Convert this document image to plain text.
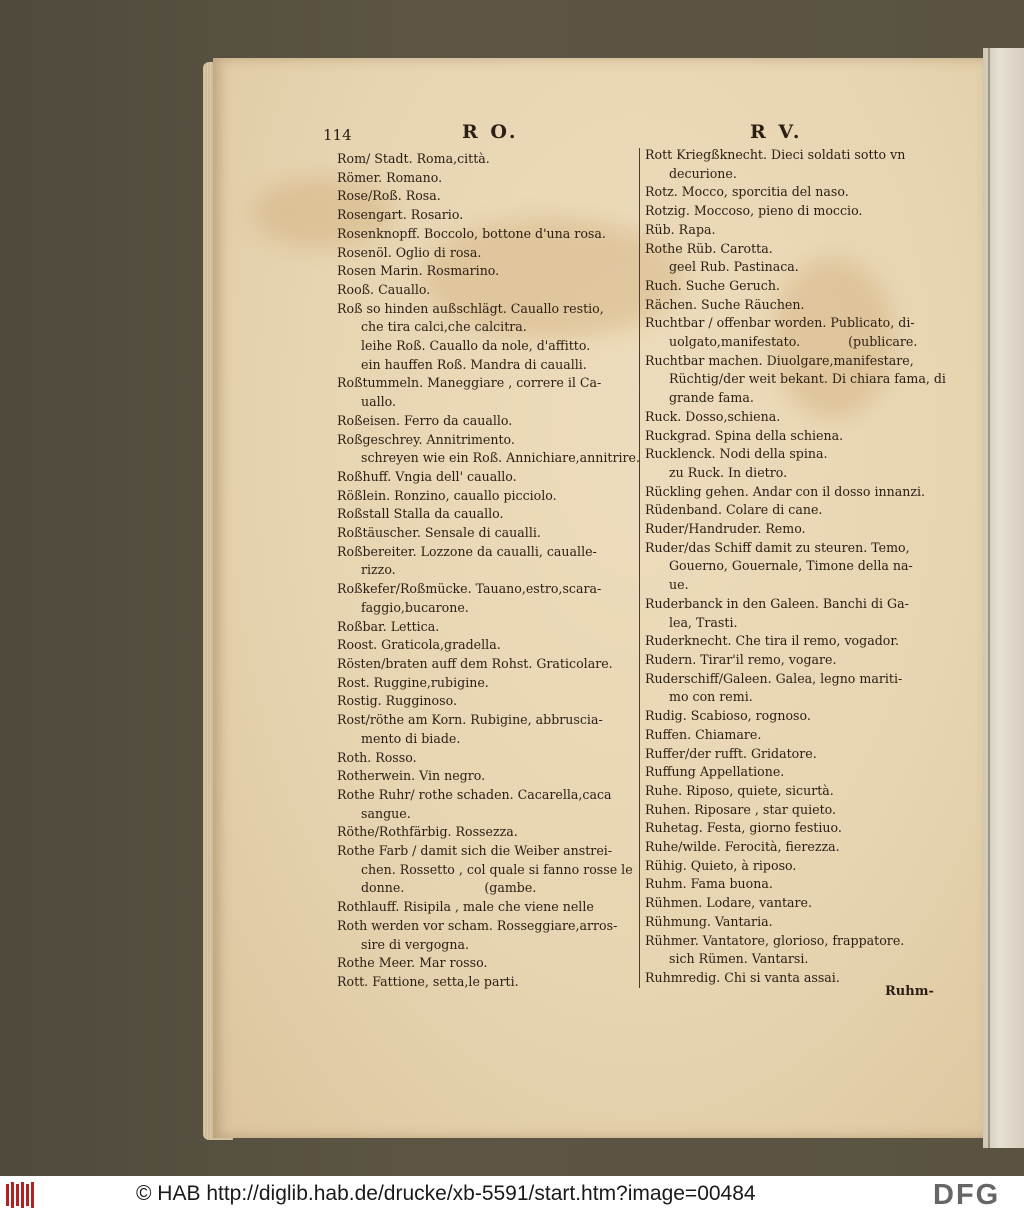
114	R O.	R V.

Rom/ Stadt. Roma,città.

Römer. Romano.

Rose/Roß. Rosa.

Rosengart. Rosario.

Rosenknopff. Boccolo, bottone d'una rosa.

Rosenöl. Oglio di rosa.

Rosen Marin. Rosmarino.

Rooß. Cauallo.

Roß so hinden außschlägt. Cauallo restio,

che tira calci,che calcitra.

leihe Roß. Cauallo da nole, d'affitto.

ein hauffen Roß. Mandra di caualli.

Roßtummeln. Maneggiare , correre il Ca-

uallo.

Roßeisen. Ferro da cauallo.

Roßgeschrey. Annitrimento.

schreyen wie ein Roß. Annichiare,annitrire.

Roßhuff. Vngia dell' cauallo.

Rößlein. Ronzino, cauallo picciolo.

Roßstall Stalla da cauallo.

Roßtäuscher. Sensale di caualli.

Roßbereiter. Lozzone da caualli, caualle-

rizzo.

Roßkefer/Roßmücke. Tauano,estro,scara-

faggio,bucarone.

Roßbar. Lettica.

Roost. Graticola,gradella.

Rösten/braten auff dem Rohst. Graticolare.

Rost. Ruggine,rubigine.

Rostig. Rugginoso.

Rost/röthe am Korn. Rubigine, abbruscia-

mento di biade.

Roth. Rosso.

Rotherwein. Vin negro.

Rothe Ruhr/ rothe schaden. Cacarella,caca

sangue.

Röthe/Rothfärbig. Rossezza.

Rothe Farb / damit sich die Weiber anstrei-

chen. Rossetto , col quale si fanno rosse le

donne.                    (gambe.

Rothlauff. Risipila , male che viene nelle

Roth werden vor scham. Rosseggiare,arros-

sire di vergogna.

Rothe Meer. Mar rosso.

Rott. Fattione, setta,le parti.

Rott Kriegßknecht. Dieci soldati sotto vn

decurione.

Rotz. Mocco, sporcitia del naso.

Rotzig. Moccoso, pieno di moccio.

Rüb. Rapa.

Rothe Rüb. Carotta.

geel Rub. Pastinaca.

Ruch. Suche Geruch.

Rächen. Suche Räuchen.

Ruchtbar / offenbar worden. Publicato, di-

uolgato,manifestato.            (publicare.

Ruchtbar machen. Diuolgare,manifestare,

Rüchtig/der weit bekant. Di chiara fama, di

grande fama.

Ruck. Dosso,schiena.

Ruckgrad. Spina della schiena.

Rucklenck. Nodi della spina.

zu Ruck. In dietro.

Rückling gehen. Andar con il dosso innanzi.

Rüdenband. Colare di cane.

Ruder/Handruder. Remo.

Ruder/das Schiff damit zu steuren. Temo,

Gouerno, Gouernale, Timone della na-

ue.

Ruderbanck in den Galeen. Banchi di Ga-

lea, Trasti.

Ruderknecht. Che tira il remo, vogador.

Rudern. Tirar'il remo, vogare.

Ruderschiff/Galeen. Galea, legno mariti-

mo con remi.

Rudig. Scabioso, rognoso.

Ruffen. Chiamare.

Ruffer/der rufft. Gridatore.

Ruffung Appellatione.

Ruhe. Riposo, quiete, sicurtà.

Ruhen. Riposare , star quieto.

Ruhetag. Festa, giorno festiuo.

Ruhe/wilde. Ferocità, fierezza.

Rühig. Quieto, à riposo.

Ruhm. Fama buona.

Rühmen. Lodare, vantare.

Rühmung. Vantaria.

Rühmer. Vantatore, glorioso, frappatore.

sich Rümen. Vantarsi.

Ruhmredig. Chi si vanta assai.

Ruhm-
© HAB http://diglib.hab.de/drucke/xb-5591/start.htm?image=00484	DFG
